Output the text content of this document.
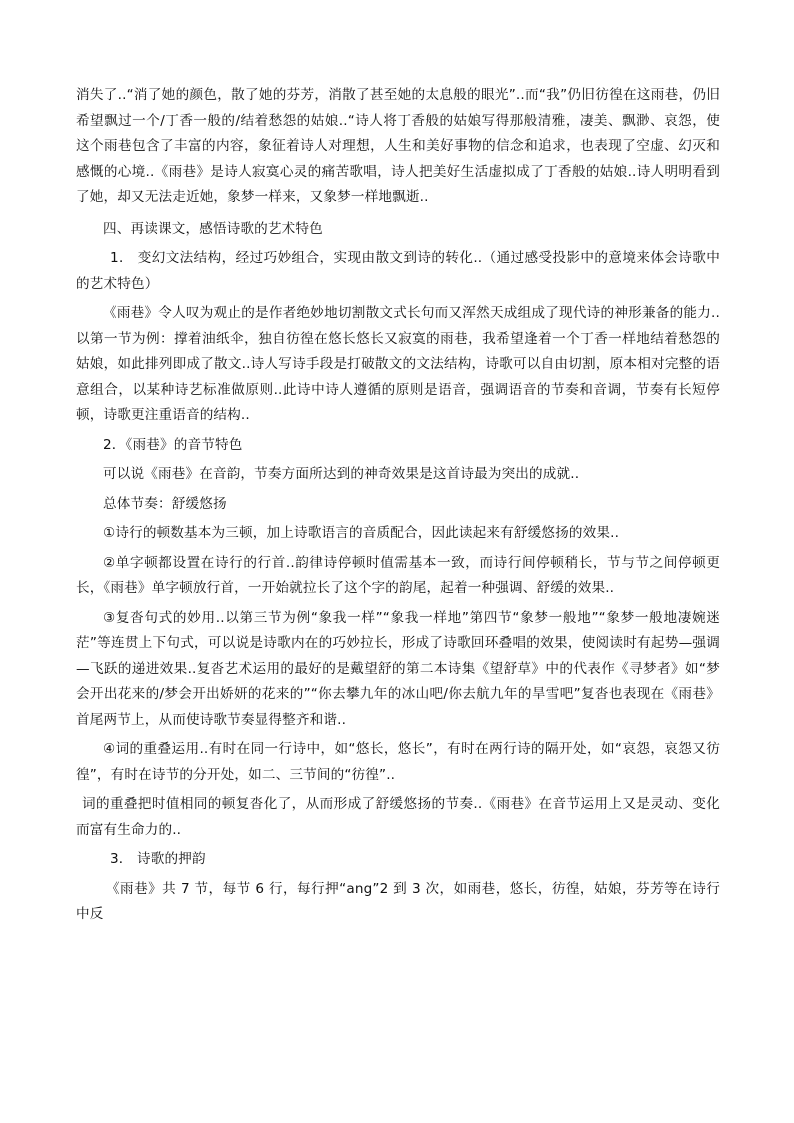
消失了..“消了她的颜色，散了她的芬芳，消散了甚至她的太息般的眼光”..而“我”仍旧彷徨在这雨巷，仍旧希望飘过一个/丁香一般的/结着愁怨的姑娘..“诗人将丁香般的姑娘写得那般清雅，凄美、飘渺、哀怨，使这个雨巷包含了丰富的内容，象征着诗人对理想，人生和美好事物的信念和追求，也表现了空虚、幻灭和感慨的心境..《雨巷》是诗人寂寞心灵的痛苦歌唱，诗人把美好生活虚拟成了丁香般的姑娘..诗人明明看到了她，却又无法走近她，象梦一样来，又象梦一样地飘逝..

四、再读课文，感悟诗歌的艺术特色

1． 变幻文法结构，经过巧妙组合，实现由散文到诗的转化..（通过感受投影中的意境来体会诗歌中的艺术特色）

《雨巷》令人叹为观止的是作者绝妙地切割散文式长句而又浑然天成组成了现代诗的神形兼备的能力..以第一节为例：撑着油纸伞，独自彷徨在悠长悠长又寂寞的雨巷，我希望逢着一个丁香一样地结着愁怨的姑娘，如此排列即成了散文..诗人写诗手段是打破散文的文法结构，诗歌可以自由切割，原本相对完整的语意组合，以某种诗艺标准做原则..此诗中诗人遵循的原则是语音，强调语音的节奏和音调，节奏有长短停顿，诗歌更注重语音的结构..

2．《雨巷》的音节特色

可以说《雨巷》在音韵，节奏方面所达到的神奇效果是这首诗最为突出的成就..

总体节奏：舒缓悠扬

①诗行的顿数基本为三顿，加上诗歌语言的音质配合，因此读起来有舒缓悠扬的效果..

②单字顿都设置在诗行的行首..韵律诗停顿时值需基本一致，而诗行间停顿稍长，节与节之间停顿更长，《雨巷》单字顿放行首，一开始就拉长了这个字的韵尾，起着一种强调、舒缓的效果..

③复沓句式的妙用..以第三节为例“象我一样”“象我一样地”第四节“象梦一般地”“象梦一般地凄婉迷茫”等连贯上下句式，可以说是诗歌内在的巧妙拉长，形成了诗歌回环叠唱的效果，使阅读时有起势—强调—飞跃的递进效果..复沓艺术运用的最好的是戴望舒的第二本诗集《望舒草》中的代表作《寻梦者》如“梦会开出花来的/梦会开出娇妍的花来的”“你去攀九年的冰山吧/你去航九年的旱雪吧”复沓也表现在《雨巷》首尾两节上，从而使诗歌节奏显得整齐和谐..

④词的重叠运用..有时在同一行诗中，如“悠长，悠长”，有时在两行诗的隔开处，如“哀怨，哀怨又彷徨”，有时在诗节的分开处，如二、三节间的“彷徨”..

词的重叠把时值相同的顿复沓化了，从而形成了舒缓悠扬的节奏..《雨巷》在音节运用上又是灵动、变化而富有生命力的..

3． 诗歌的押韵

《雨巷》共 7 节，每节 6 行，每行押“ang”2 到 3 次，如雨巷，悠长，彷徨，姑娘，芬芳等在诗行中反
